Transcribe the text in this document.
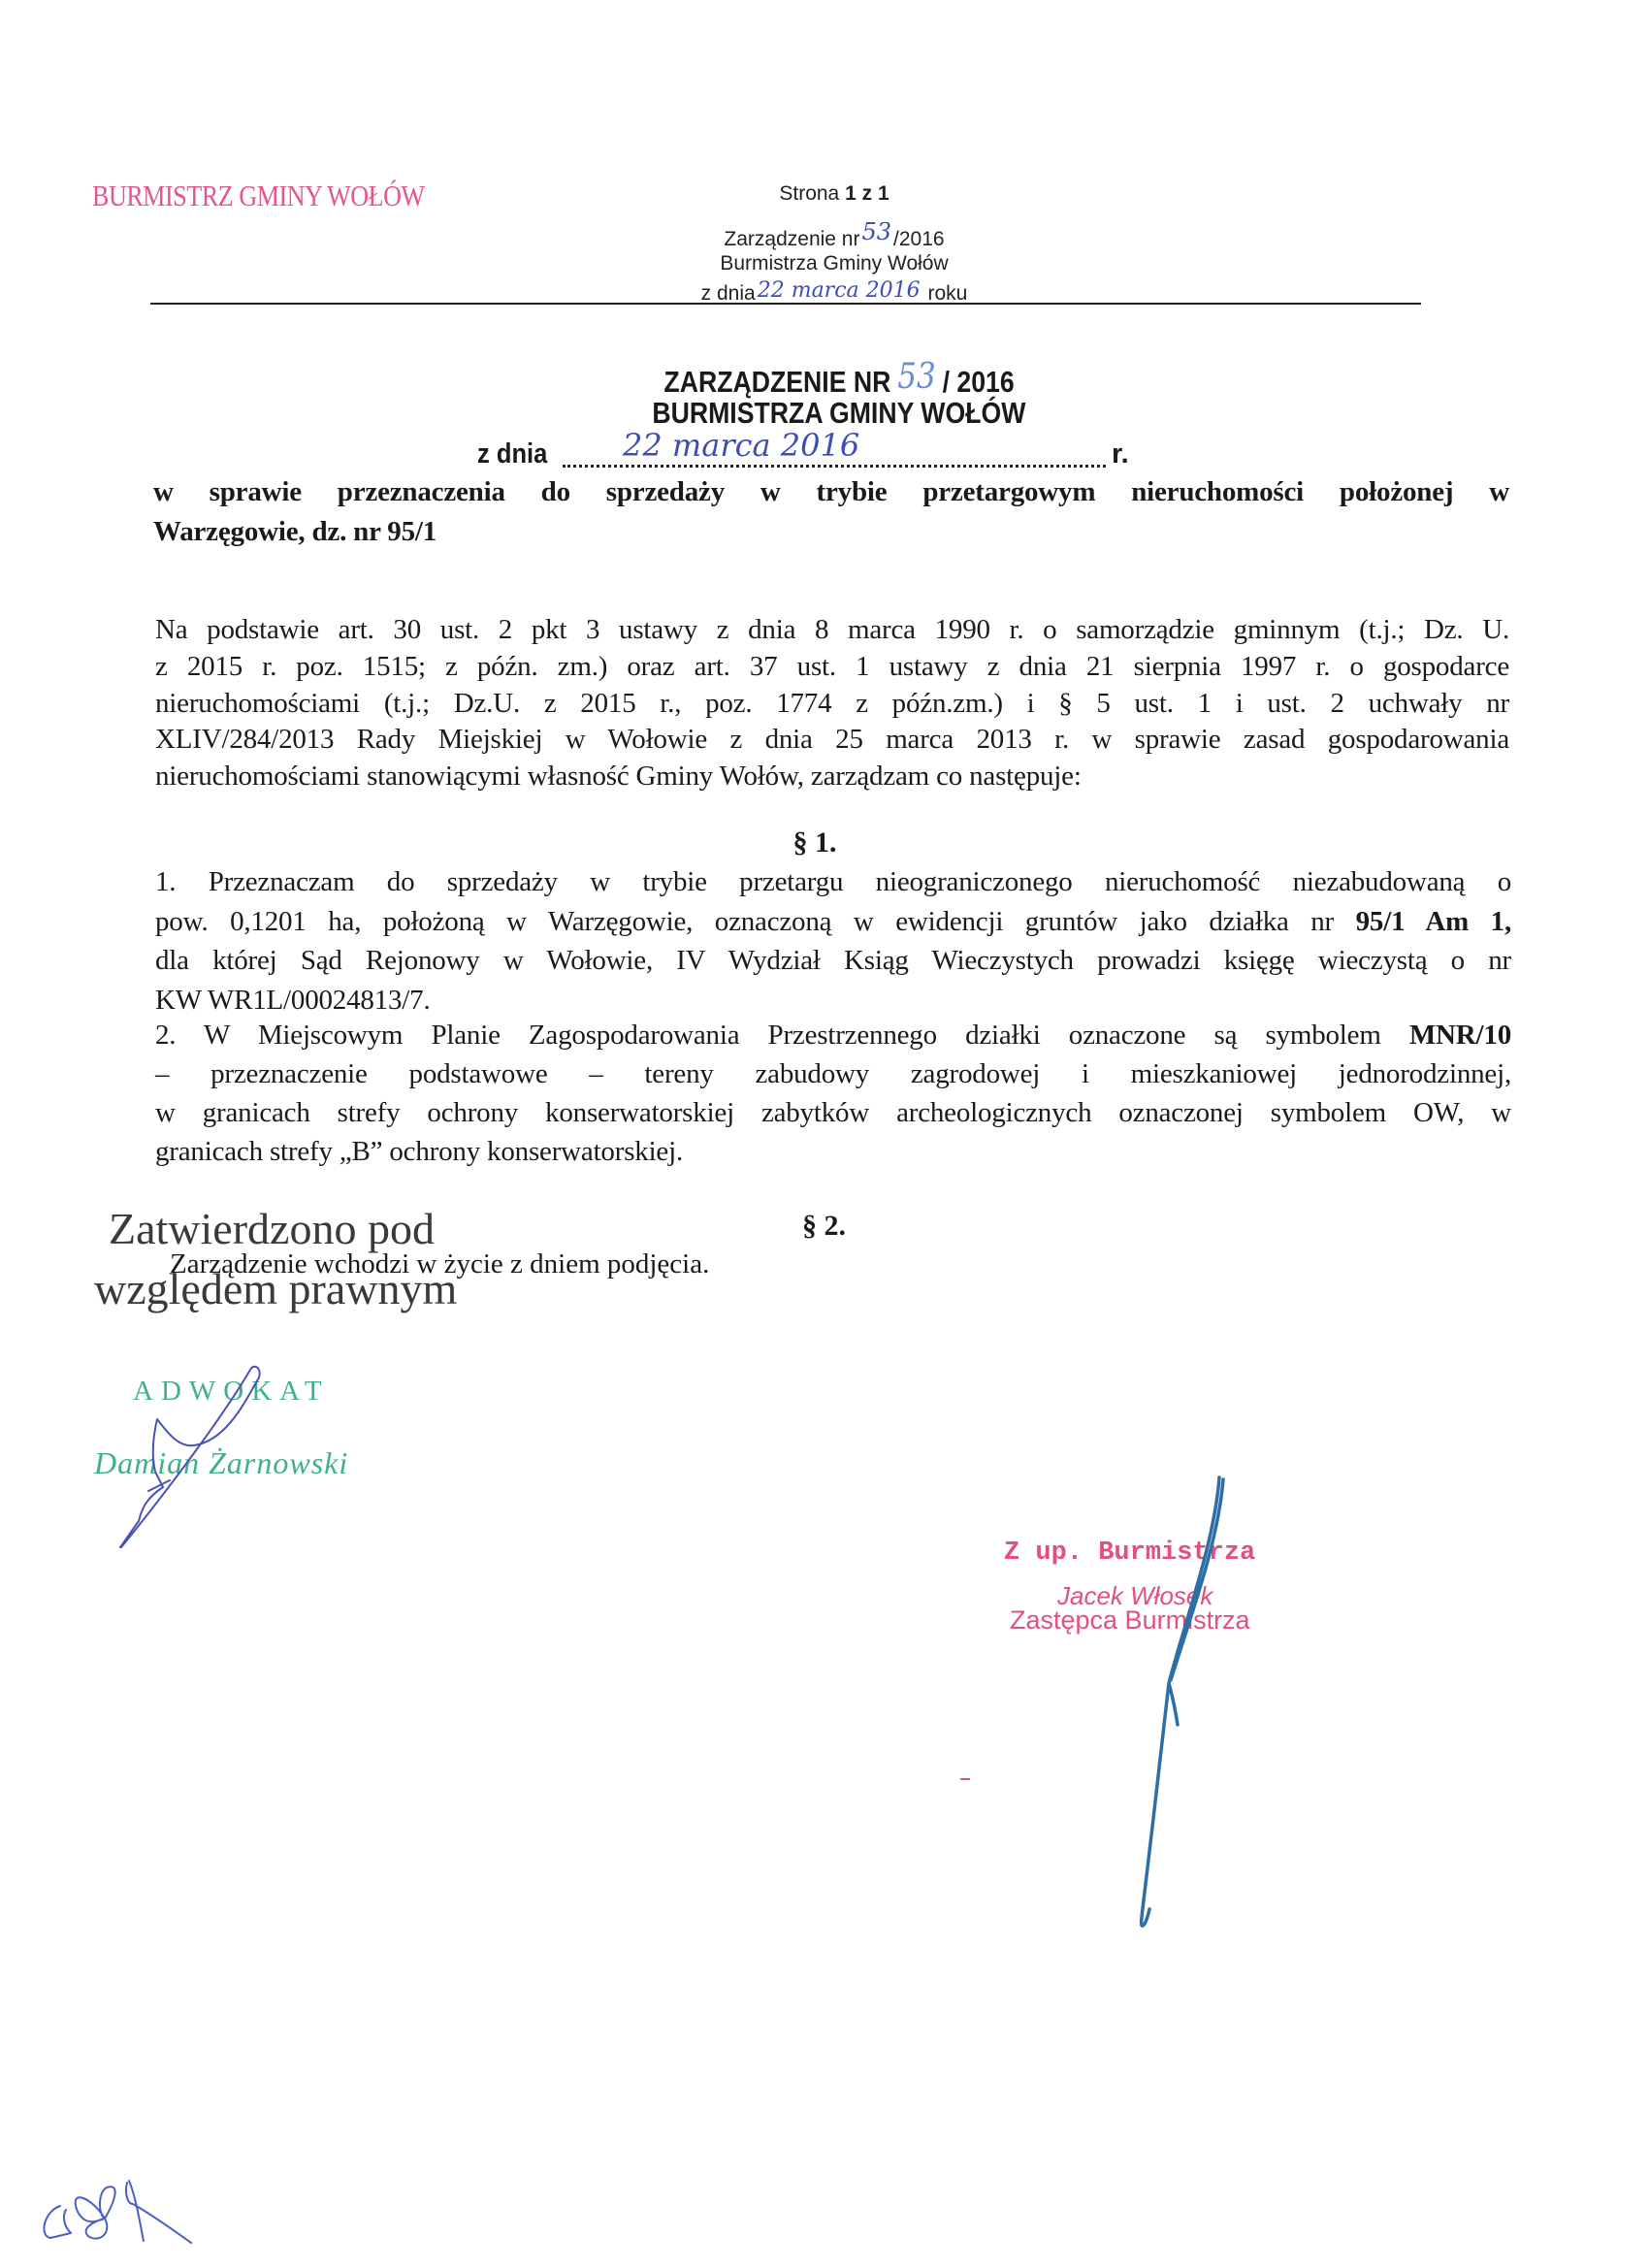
BURMISTRZ GMINY WOŁÓW	Strona 1 z 1
Zarządzenie nr53/2016
Burmistrza Gminy Wołów
z dnia22 marca 2016 roku
ZARZĄDZENIE NR 53 / 2016
BURMISTRZA GMINY WOŁÓW
z dnia 22 marca 2016	r.
w sprawie przeznaczenia do sprzedaży w trybie przetargowym nieruchomości położonej w
Warzęgowie, dz. nr 95/1
Na podstawie art. 30 ust. 2 pkt 3 ustawy z dnia 8 marca 1990 r. o samorządzie gminnym (t.j.; Dz. U.
z 2015 r. poz. 1515; z późn. zm.) oraz art. 37 ust. 1 ustawy z dnia 21 sierpnia 1997 r. o gospodarce
nieruchomościami (t.j.; Dz.U. z 2015 r., poz. 1774 z późn.zm.) i § 5 ust. 1 i ust. 2 uchwały nr
XLIV/284/2013 Rady Miejskiej w Wołowie z dnia 25 marca 2013 r. w sprawie zasad gospodarowania
nieruchomościami stanowiącymi własność Gminy Wołów, zarządzam co następuje:
§ 1.
1. Przeznaczam do sprzedaży w trybie przetargu nieograniczonego nieruchomość niezabudowaną o
pow. 0,1201 ha, położoną w Warzęgowie, oznaczoną w ewidencji gruntów jako działka nr 95/1 Am 1,
dla której Sąd Rejonowy w Wołowie, IV Wydział Ksiąg Wieczystych prowadzi księgę wieczystą o nr
KW WR1L/00024813/7.
2. W Miejscowym Planie Zagospodarowania Przestrzennego działki oznaczone są symbolem MNR/10
– przeznaczenie podstawowe – tereny zabudowy zagrodowej i mieszkaniowej jednorodzinnej,
w granicach strefy ochrony konserwatorskiej zabytków archeologicznych oznaczonej symbolem OW, w
granicach strefy „B” ochrony konserwatorskiej.
Zatwierdzono pod	§ 2.
Zarządzenie wchodzi w życie z dniem podjęcia.
względem prawnym
ADWOKAT
Damian Żarnowski
Z up. Burmistrza
Jacek Włosek
Zastępca Burmistrza
